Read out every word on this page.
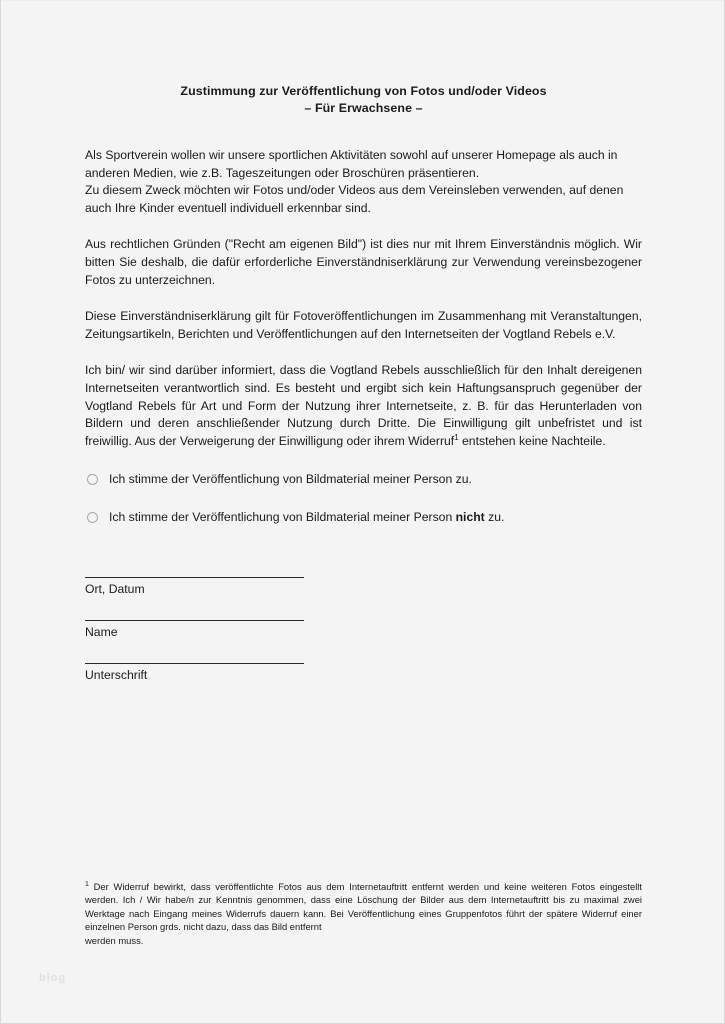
Zustimmung zur Veröffentlichung von Fotos und/oder Videos
– Für Erwachsene –

Als Sportverein wollen wir unsere sportlichen Aktivitäten sowohl auf unserer Homepage als auch in anderen Medien, wie z.B. Tageszeitungen oder Broschüren präsentieren.
Zu diesem Zweck möchten wir Fotos und/oder Videos aus dem Vereinsleben verwenden, auf denen auch Ihre Kinder eventuell individuell erkennbar sind.

Aus rechtlichen Gründen ("Recht am eigenen Bild") ist dies nur mit Ihrem Einverständnis möglich. Wir bitten Sie deshalb, die dafür erforderliche Einverständniserklärung zur Verwendung vereinsbezogener Fotos zu unterzeichnen.

Diese Einverständniserklärung gilt für Fotoveröffentlichungen im Zusammenhang mit Veranstaltungen, Zeitungsartikeln, Berichten und Veröffentlichungen auf den Internetseiten der Vogtland Rebels e.V.

Ich bin/ wir sind darüber informiert, dass die Vogtland Rebels ausschließlich für den Inhalt dereigenen Internetseiten verantwortlich sind. Es besteht und ergibt sich kein Haftungsanspruch gegenüber der Vogtland Rebels für Art und Form der Nutzung ihrer Internetseite, z. B. für das Herunterladen von Bildern und deren anschließender Nutzung durch Dritte. Die Einwilligung gilt unbefristet und ist freiwillig. Aus der Verweigerung der Einwilligung oder ihrem Widerruf$^1$ entstehen keine Nachteile.

Ich stimme der Veröffentlichung von Bildmaterial meiner Person zu.
Ich stimme der Veröffentlichung von Bildmaterial meiner Person nicht zu.
Ort, Datum
Name
Unterschrift
$^1$ Der Widerruf bewirkt, dass veröffentlichte Fotos aus dem Internetauftritt entfernt werden und keine weiteren Fotos eingestellt werden. Ich / Wir habe/n zur Kenntnis genommen, dass eine Löschung der Bilder aus dem Internetauftritt bis zu maximal zwei Werktage nach Eingang meines Widerrufs dauern kann. Bei Veröffentlichung eines Gruppenfotos führt der spätere Widerruf einer einzelnen Person grds. nicht dazu, dass das Bild entfernt
werden muss.
blog
